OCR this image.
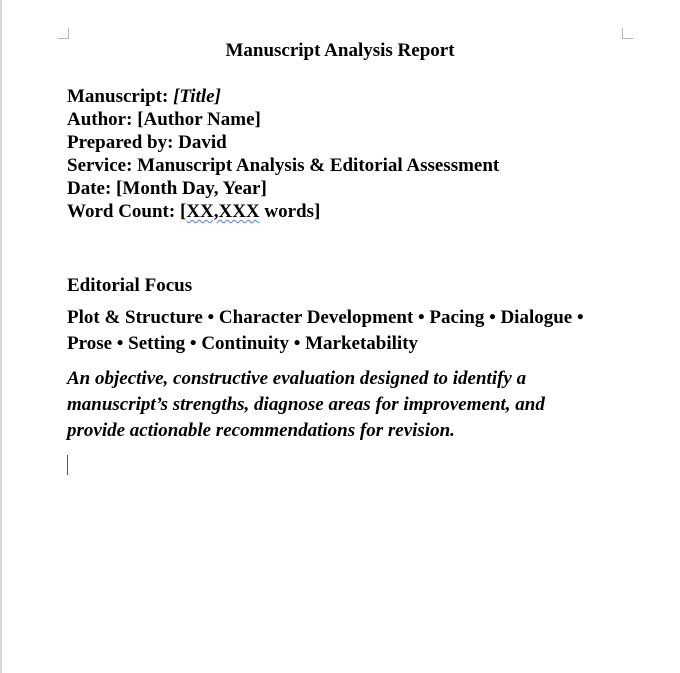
Manuscript Analysis Report
Manuscript: [Title]
Author: [Author Name]
Prepared by: David
Service: Manuscript Analysis & Editorial Assessment
Date: [Month Day, Year]
Word Count: [XX,XXX words]
Editorial Focus

Plot & Structure • Character Development • Pacing • Dialogue • Prose • Setting • Continuity • Marketability

An objective, constructive evaluation designed to identify a manuscript’s strengths, diagnose areas for improvement, and provide actionable recommendations for revision.
